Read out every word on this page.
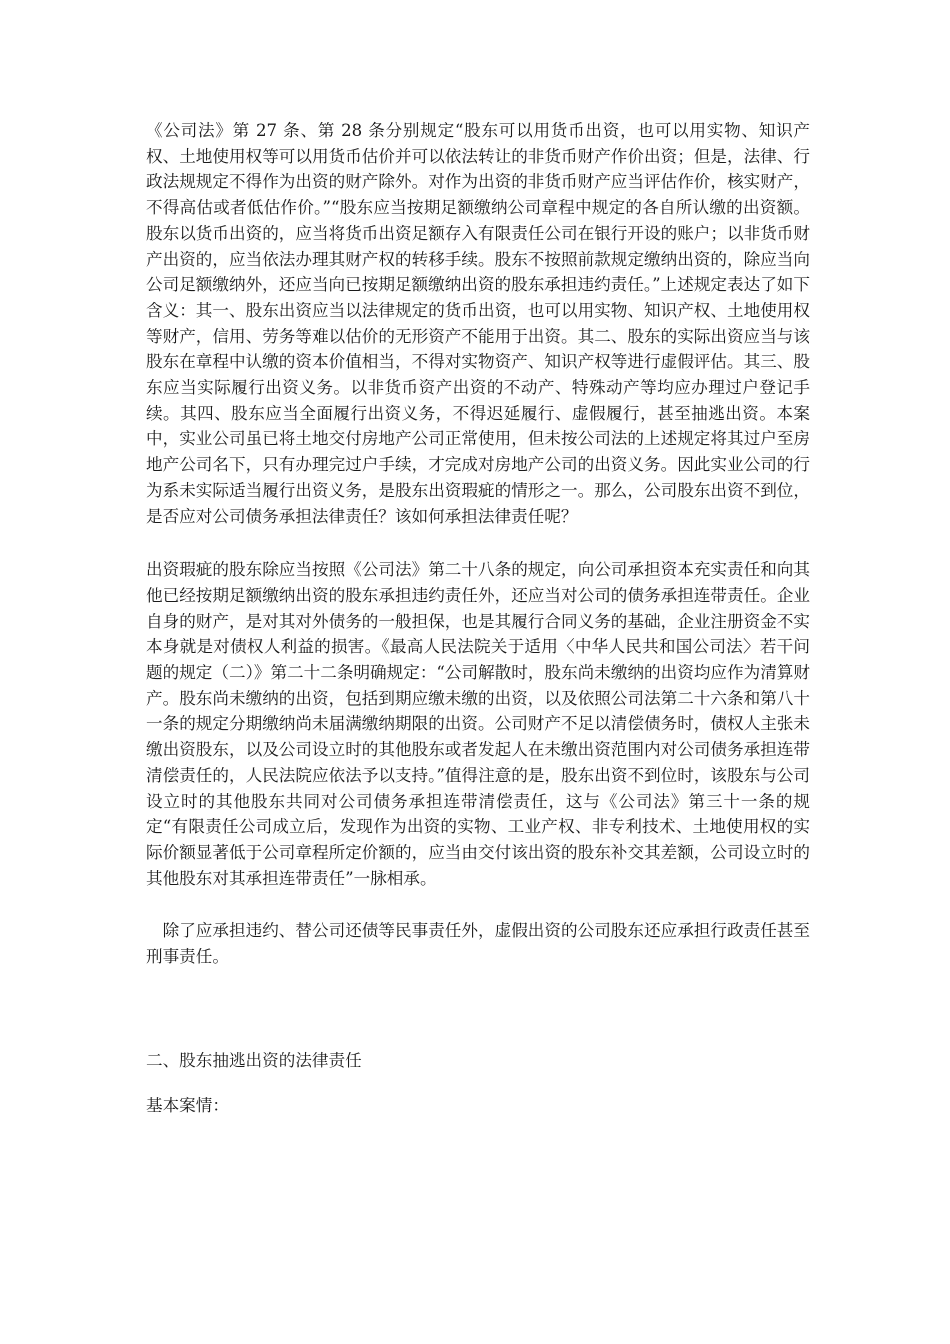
《公司法》第 27 条、第 28 条分别规定“股东可以用货币出资，也可以用实物、知识产权、土地使用权等可以用货币估价并可以依法转让的非货币财产作价出资；但是，法律、行政法规规定不得作为出资的财产除外。对作为出资的非货币财产应当评估作价，核实财产，不得高估或者低估作价。”“股东应当按期足额缴纳公司章程中规定的各自所认缴的出资额。股东以货币出资的，应当将货币出资足额存入有限责任公司在银行开设的账户；以非货币财产出资的，应当依法办理其财产权的转移手续。股东不按照前款规定缴纳出资的，除应当向公司足额缴纳外，还应当向已按期足额缴纳出资的股东承担违约责任。”上述规定表达了如下含义：其一、股东出资应当以法律规定的货币出资，也可以用实物、知识产权、土地使用权等财产，信用、劳务等难以估价的无形资产不能用于出资。其二、股东的实际出资应当与该股东在章程中认缴的资本价值相当，不得对实物资产、知识产权等进行虚假评估。其三、股东应当实际履行出资义务。以非货币资产出资的不动产、特殊动产等均应办理过户登记手续。其四、股东应当全面履行出资义务，不得迟延履行、虚假履行，甚至抽逃出资。本案中，实业公司虽已将土地交付房地产公司正常使用，但未按公司法的上述规定将其过户至房地产公司名下，只有办理完过户手续，才完成对房地产公司的出资义务。因此实业公司的行为系未实际适当履行出资义务，是股东出资瑕疵的情形之一。那么，公司股东出资不到位，是否应对公司债务承担法律责任？该如何承担法律责任呢？

出资瑕疵的股东除应当按照《公司法》第二十八条的规定，向公司承担资本充实责任和向其他已经按期足额缴纳出资的股东承担违约责任外，还应当对公司的债务承担连带责任。企业自身的财产，是对其对外债务的一般担保，也是其履行合同义务的基础，企业注册资金不实本身就是对债权人利益的损害。《最高人民法院关于适用〈中华人民共和国公司法〉若干问题的规定（二）》第二十二条明确规定：“公司解散时，股东尚未缴纳的出资均应作为清算财产。股东尚未缴纳的出资，包括到期应缴未缴的出资，以及依照公司法第二十六条和第八十一条的规定分期缴纳尚未届满缴纳期限的出资。公司财产不足以清偿债务时，债权人主张未缴出资股东，以及公司设立时的其他股东或者发起人在未缴出资范围内对公司债务承担连带清偿责任的，人民法院应依法予以支持。”值得注意的是，股东出资不到位时，该股东与公司设立时的其他股东共同对公司债务承担连带清偿责任，这与《公司法》第三十一条的规定“有限责任公司成立后，发现作为出资的实物、工业产权、非专利技术、土地使用权的实际价额显著低于公司章程所定价额的，应当由交付该出资的股东补交其差额，公司设立时的其他股东对其承担连带责任”一脉相承。

除了应承担违约、替公司还债等民事责任外，虚假出资的公司股东还应承担行政责任甚至刑事责任。

二、股东抽逃出资的法律责任

基本案情：
